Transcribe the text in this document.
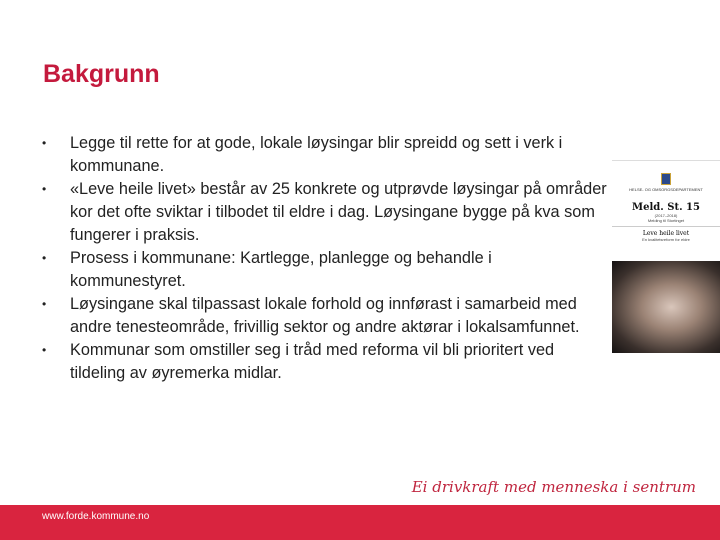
Bakgrunn
• Legge til rette for at gode, lokale løysingar blir spreidd og sett i verk i kommunane.
• «Leve heile livet» består av 25 konkrete og utprøvde løysingar på områder kor det ofte sviktar i tilbodet til eldre i dag. Løysingane bygge på kva som fungerer i praksis.
• Prosess i kommunane: Kartlegge, planlegge og behandle i kommunestyret.
• Løysingane skal tilpassast lokale forhold og innførast i samarbeid med andre tenesteområde, frivillig sektor og andre aktørar i lokalsamfunnet.
• Kommunar som omstiller seg i tråd med reforma vil bli prioritert ved tildeling av øyremerka midlar.
HELSE- OG OMSORGSDEPARTEMENT
Meld. St. 15
(2017–2018)
Melding til Stortinget
Leve heile livet
En kvalitetsreform for eldre
Ei drivkraft med menneska i sentrum
www.forde.kommune.no
